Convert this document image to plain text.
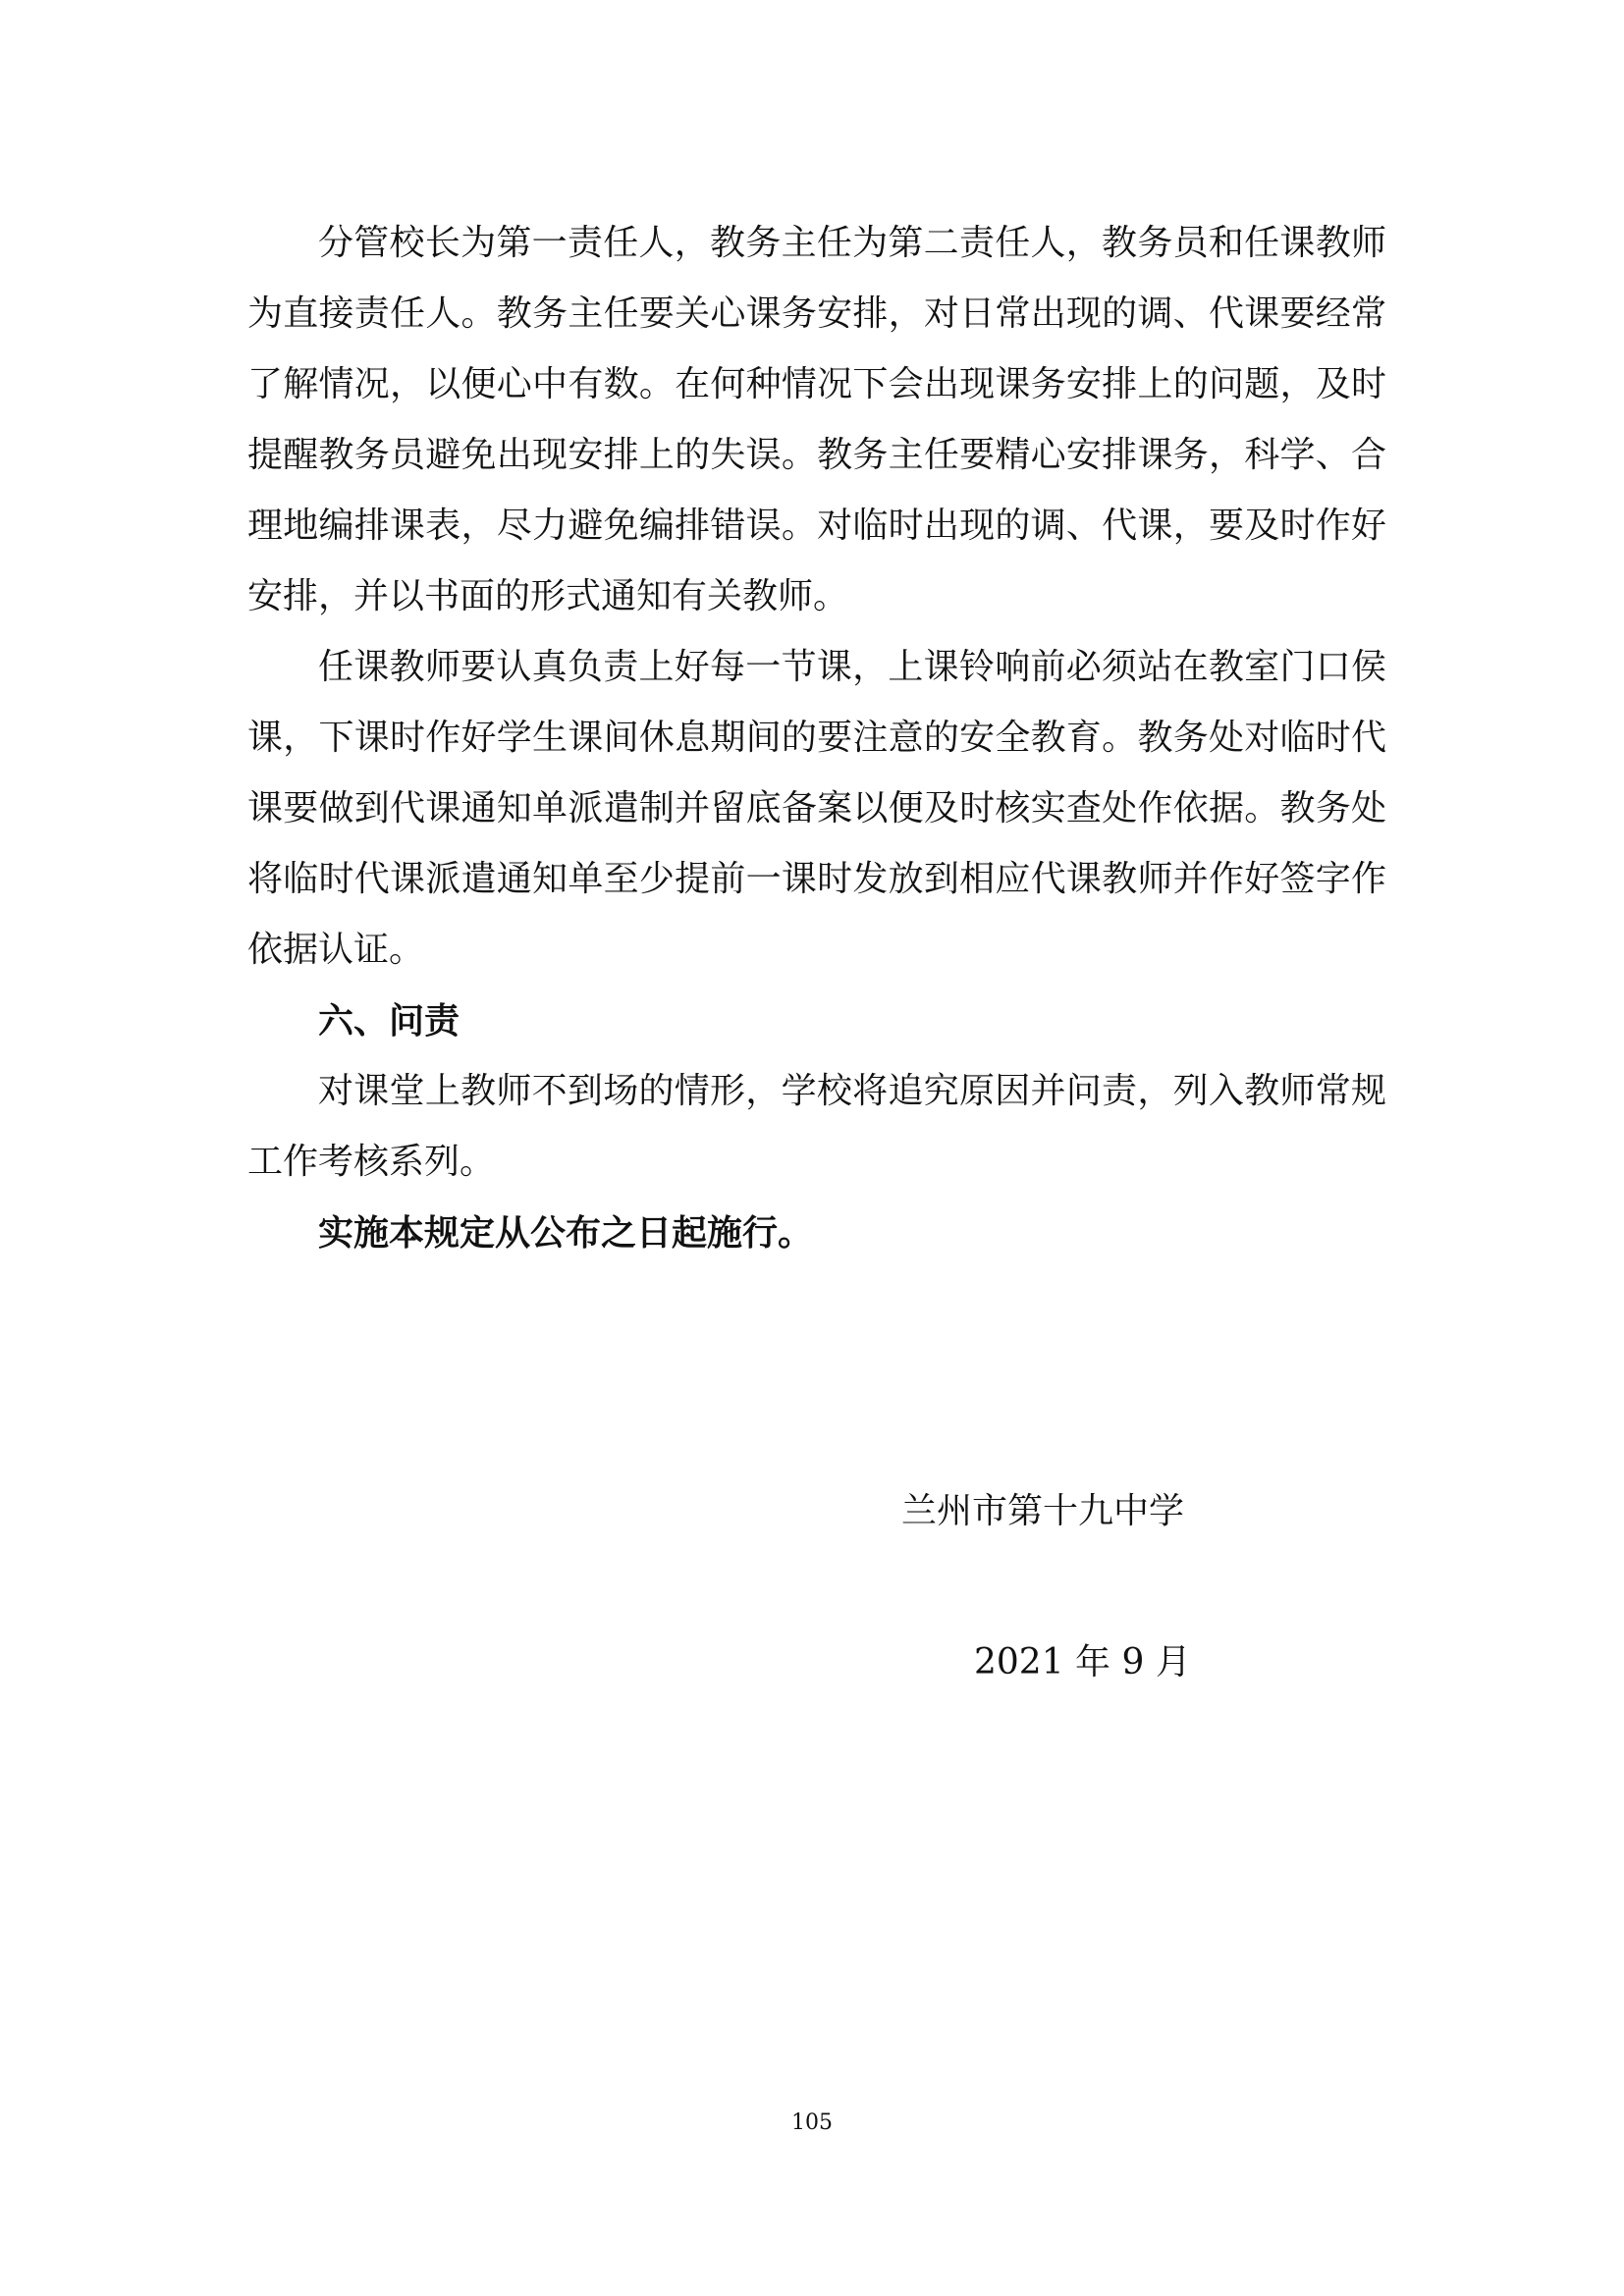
分管校长为第一责任人，教务主任为第二责任人，教务员和任课教师为直接责任人。教务主任要关心课务安排，对日常出现的调、代课要经常了解情况，以便心中有数。在何种情况下会出现课务安排上的问题，及时提醒教务员避免出现安排上的失误。教务主任要精心安排课务，科学、合理地编排课表，尽力避免编排错误。对临时出现的调、代课，要及时作好安排，并以书面的形式通知有关教师。

任课教师要认真负责上好每一节课，上课铃响前必须站在教室门口侯课，下课时作好学生课间休息期间的要注意的安全教育。教务处对临时代课要做到代课通知单派遣制并留底备案以便及时核实查处作依据。教务处将临时代课派遣通知单至少提前一课时发放到相应代课教师并作好签字作依据认证。

六、问责

对课堂上教师不到场的情形，学校将追究原因并问责，列入教师常规工作考核系列。

实施本规定从公布之日起施行。

兰州市第十九中学
2021 年 9 月
105
